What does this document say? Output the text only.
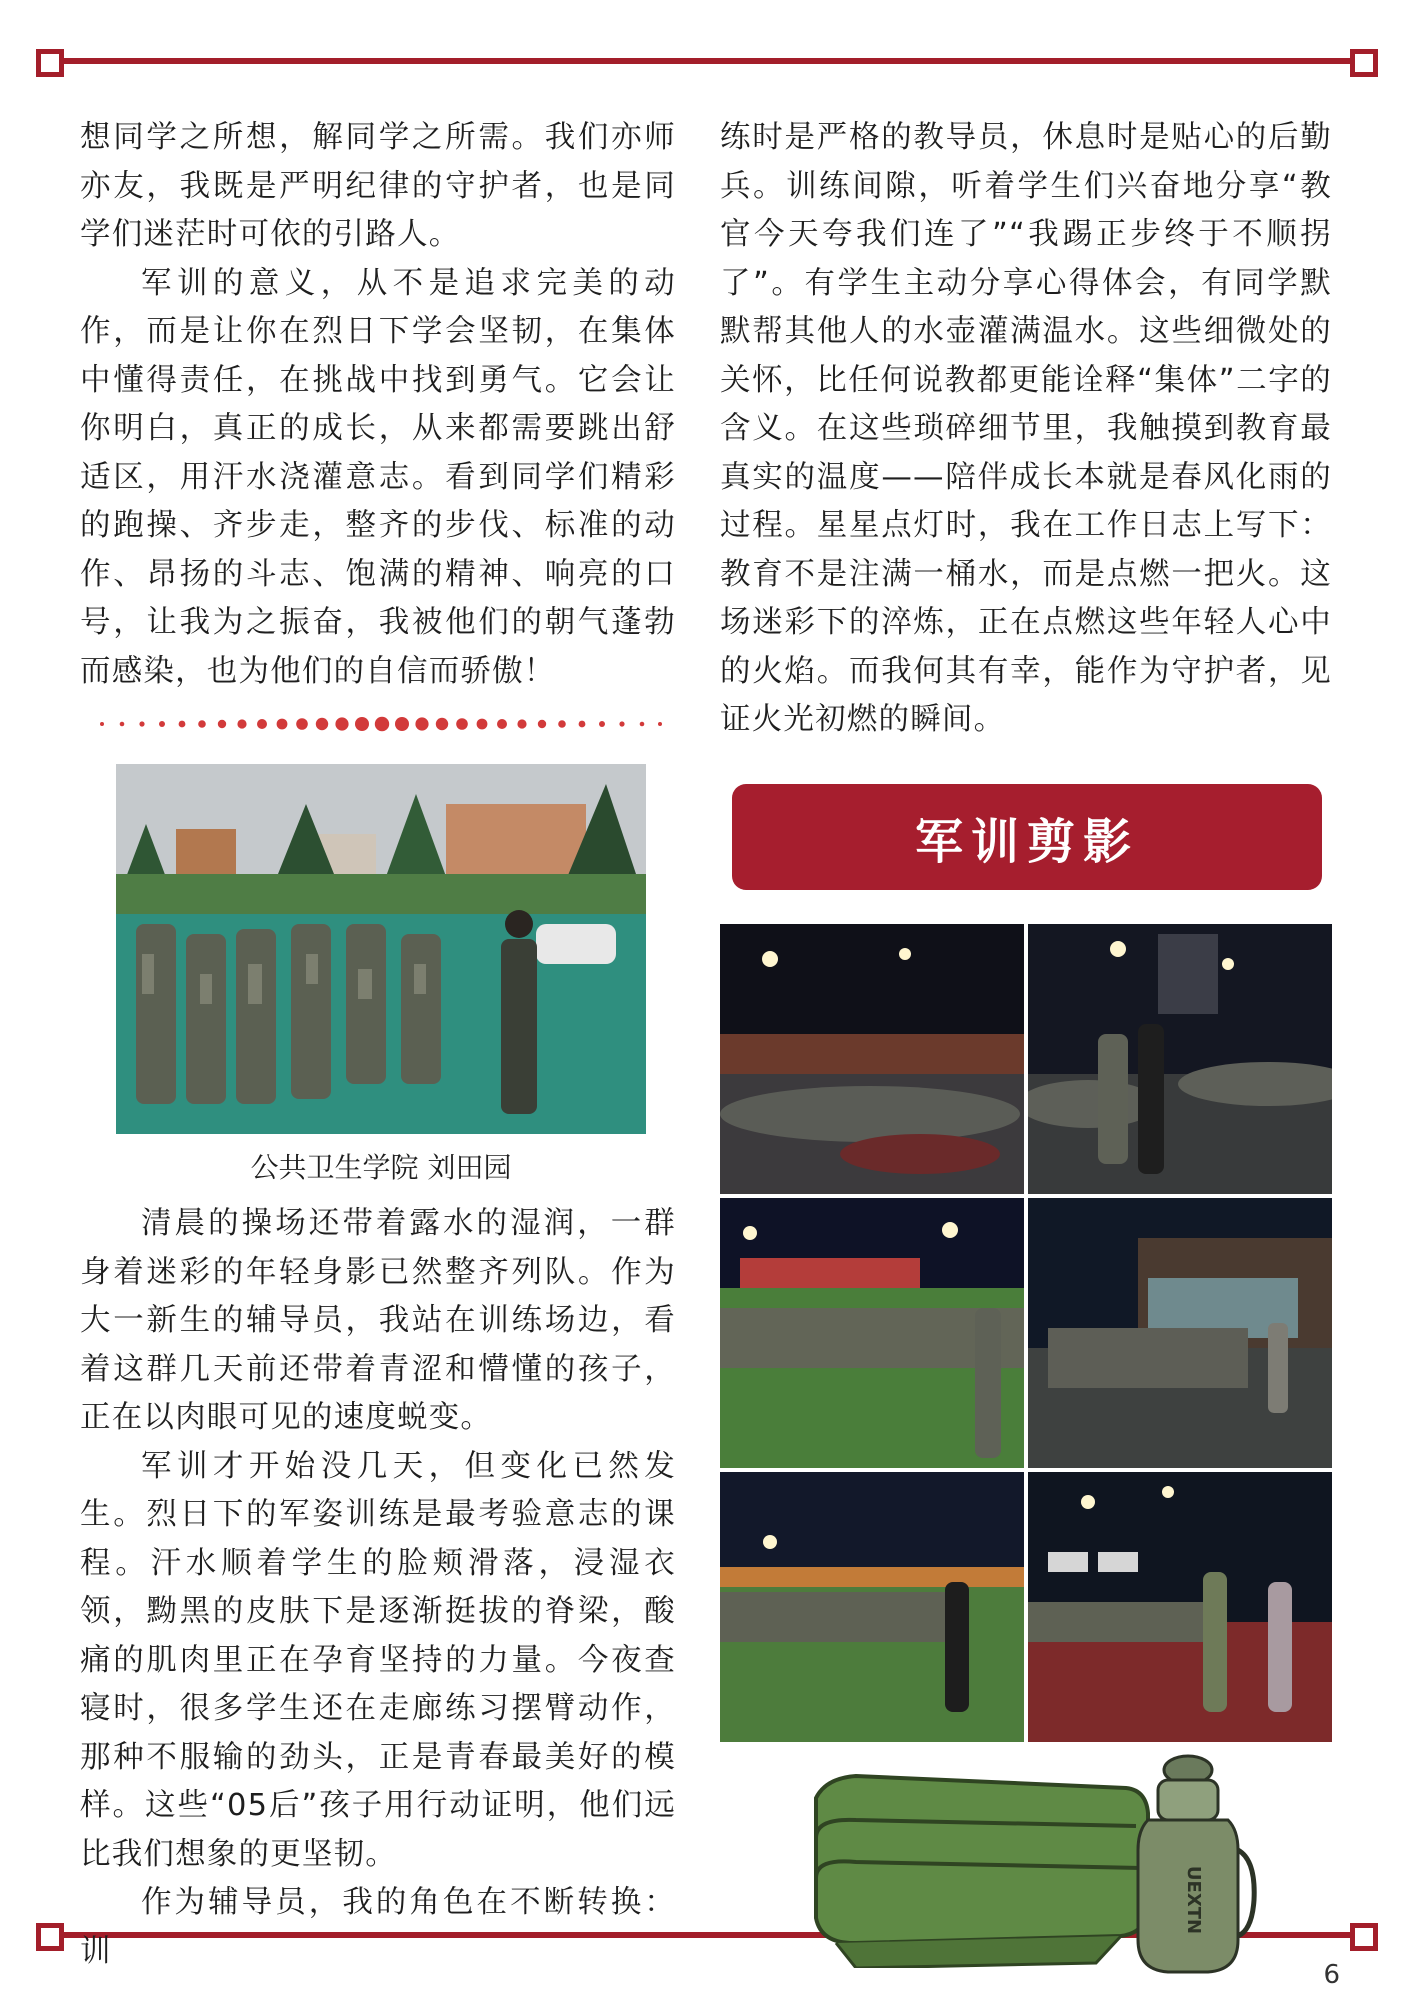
想同学之所想，解同学之所需。我们亦师亦友，我既是严明纪律的守护者，也是同学们迷茫时可依的引路人。

军训的意义，从不是追求完美的动作，而是让你在烈日下学会坚韧，在集体中懂得责任，在挑战中找到勇气。它会让你明白，真正的成长，从来都需要跳出舒适区，用汗水浇灌意志。看到同学们精彩的跑操、齐步走，整齐的步伐、标准的动作、昂扬的斗志、饱满的精神、响亮的口号，让我为之振奋，我被他们的朝气蓬勃而感染，也为他们的自信而骄傲！

公共卫生学院 刘田园

清晨的操场还带着露水的湿润，一群身着迷彩的年轻身影已然整齐列队。作为大一新生的辅导员，我站在训练场边，看着这群几天前还带着青涩和懵懂的孩子，正在以肉眼可见的速度蜕变。

军训才开始没几天，但变化已然发生。烈日下的军姿训练是最考验意志的课程。汗水顺着学生的脸颊滑落，浸湿衣领，黝黑的皮肤下是逐渐挺拔的脊梁，酸痛的肌肉里正在孕育坚持的力量。今夜查寝时，很多学生还在走廊练习摆臂动作，那种不服输的劲头，正是青春最美好的模样。这些“05后”孩子用行动证明，他们远比我们想象的更坚韧。

作为辅导员，我的角色在不断转换：训

练时是严格的教导员，休息时是贴心的后勤兵。训练间隙，听着学生们兴奋地分享“教官今天夸我们连了”“我踢正步终于不顺拐了”。有学生主动分享心得体会，有同学默默帮其他人的水壶灌满温水。这些细微处的关怀，比任何说教都更能诠释“集体”二字的含义。在这些琐碎细节里，我触摸到教育最真实的温度——陪伴成长本就是春风化雨的过程。星星点灯时，我在工作日志上写下：教育不是注满一桶水，而是点燃一把火。这场迷彩下的淬炼，正在点燃这些年轻人心中的火焰。而我何其有幸，能作为守护者，见证火光初燃的瞬间。

军训剪影
UEXTN
6
